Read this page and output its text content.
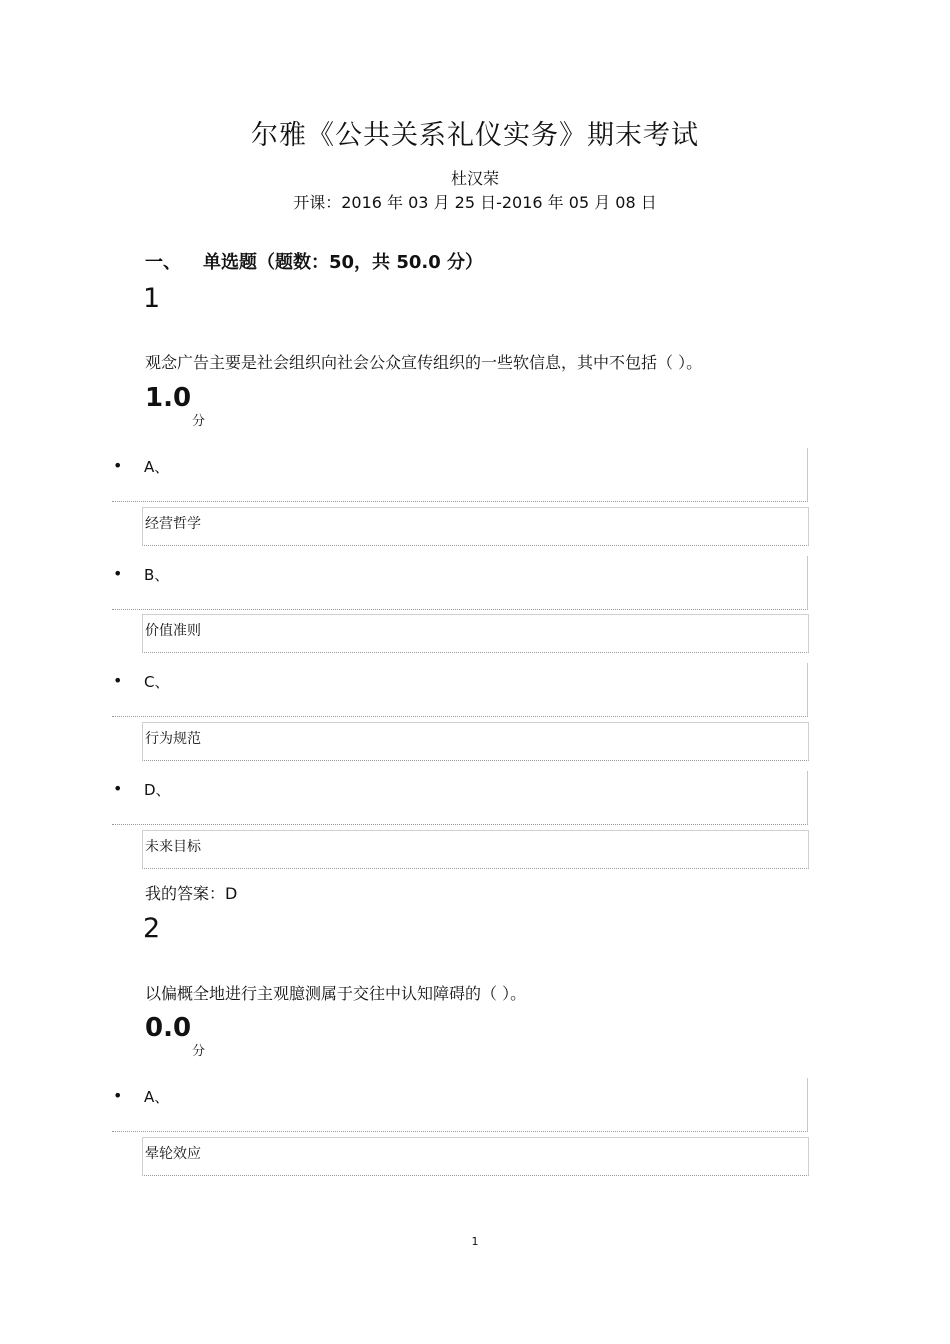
尔雅《公共关系礼仪实务》期末考试
杜汉荣
开课：2016 年 03 月 25 日-2016 年 05 月 08 日
一、 单选题（题数：50，共 50.0 分）
1
观念广告主要是社会组织向社会公众宣传组织的一些软信息，其中不包括（ ）。
1.0
分
• A、
经营哲学
• B、
价值准则
• C、
行为规范
• D、
未来目标
我的答案：D
2
以偏概全地进行主观臆测属于交往中认知障碍的（ ）。
0.0
分
• A、
晕轮效应
1
